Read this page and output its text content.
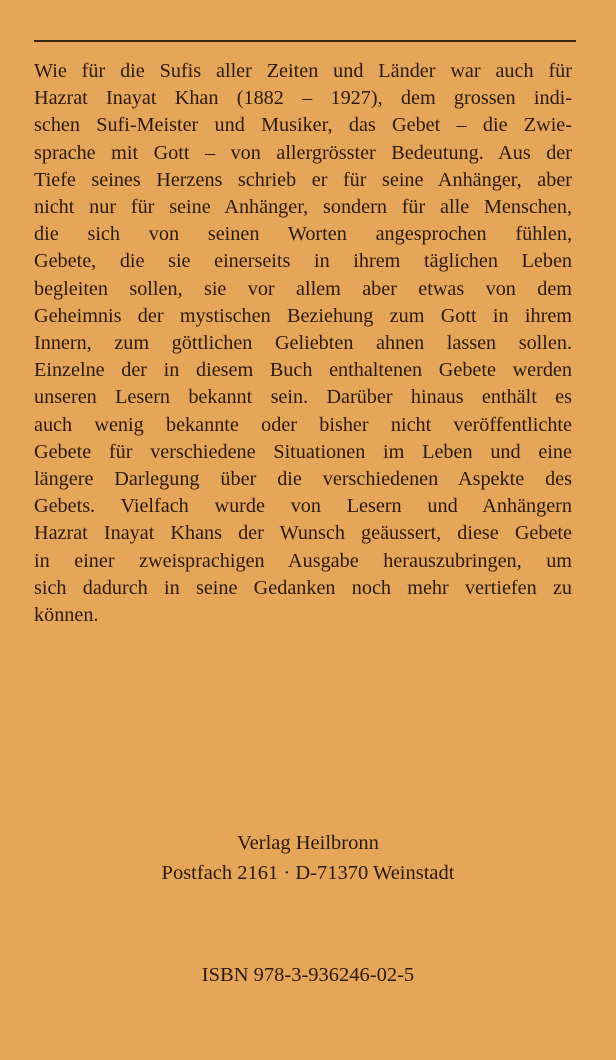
Wie für die Sufis aller Zeiten und Länder war auch für
Hazrat Inayat Khan (1882 – 1927), dem grossen indi-
schen Sufi-Meister und Musiker, das Gebet – die Zwie-
sprache mit Gott – von allergrösster Bedeutung. Aus der
Tiefe seines Herzens schrieb er für seine Anhänger, aber
nicht nur für seine Anhänger, sondern für alle Menschen,
die sich von seinen Worten angesprochen fühlen,
Gebete, die sie einerseits in ihrem täglichen Leben
begleiten sollen, sie vor allem aber etwas von dem
Geheimnis der mystischen Beziehung zum Gott in ihrem
Innern, zum göttlichen Geliebten ahnen lassen sollen.
Einzelne der in diesem Buch enthaltenen Gebete werden
unseren Lesern bekannt sein. Darüber hinaus enthält es
auch wenig bekannte oder bisher nicht veröffentlichte
Gebete für verschiedene Situationen im Leben und eine
längere Darlegung über die verschiedenen Aspekte des
Gebets. Vielfach wurde von Lesern und Anhängern
Hazrat Inayat Khans der Wunsch geäussert, diese Gebete
in einer zweisprachigen Ausgabe herauszubringen, um
sich dadurch in seine Gedanken noch mehr vertiefen zu
können.
Verlag Heilbronn
Postfach 2161 · D-71370 Weinstadt
ISBN 978-3-936246-02-5
